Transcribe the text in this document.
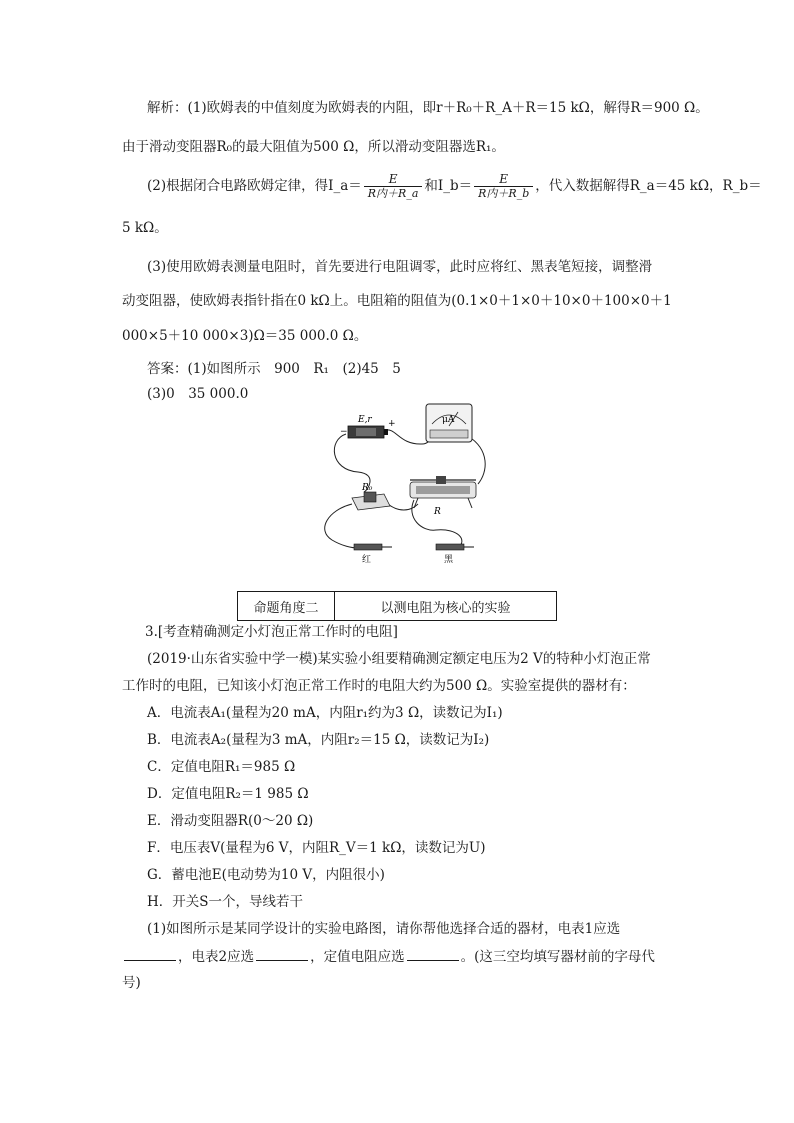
解析：(1)欧姆表的中值刻度为欧姆表的内阻，即r＋R₀＋R_A＋R＝15 kΩ，解得R＝900 Ω。
由于滑动变阻器R₀的最大阻值为500 Ω，所以滑动变阻器选R₁。
(2)根据闭合电路欧姆定律，得I_a＝ $\frac{E}{\text{R内＋R\_a}}$ 和I_b＝ $\frac{E}{\text{R内＋R\_b}}$ ，代入数据解得R_a＝45 kΩ，R_b＝
5 kΩ。
(3)使用欧姆表测量电阻时，首先要进行电阻调零，此时应将红、黑表笔短接，调整滑
动变阻器，使欧姆表指针指在0 kΩ上。电阻箱的阻值为(0.1×0＋1×0＋10×0＋100×0＋1
000×5＋10 000×3)Ω＝35 000.0 Ω。
答案：(1)如图所示　900　R₁　(2)45　5
(3)0　35 000.0
E,r
−
+	μA
R₀
R
红	黑
命题角度二	以测电阻为核心的实验
3.[考查精确测定小灯泡正常工作时的电阻]
(2019·山东省实验中学一模)某实验小组要精确测定额定电压为2 V的特种小灯泡正常
工作时的电阻，已知该小灯泡正常工作时的电阻大约为500 Ω。实验室提供的器材有：
A．电流表A₁(量程为20 mA，内阻r₁约为3 Ω，读数记为I₁)
B．电流表A₂(量程为3 mA，内阻r₂＝15 Ω，读数记为I₂)
C．定值电阻R₁＝985 Ω
D．定值电阻R₂＝1 985 Ω
E．滑动变阻器R(0～20 Ω)
F．电压表V(量程为6 V，内阻R_V＝1 kΩ，读数记为U)
G．蓄电池E(电动势为10 V，内阻很小)
H．开关S一个，导线若干
(1)如图所示是某同学设计的实验电路图，请你帮他选择合适的器材，电表1应选
，电表2应选	，定值电阻应选	。(这三空均填写器材前的字母代
号)
